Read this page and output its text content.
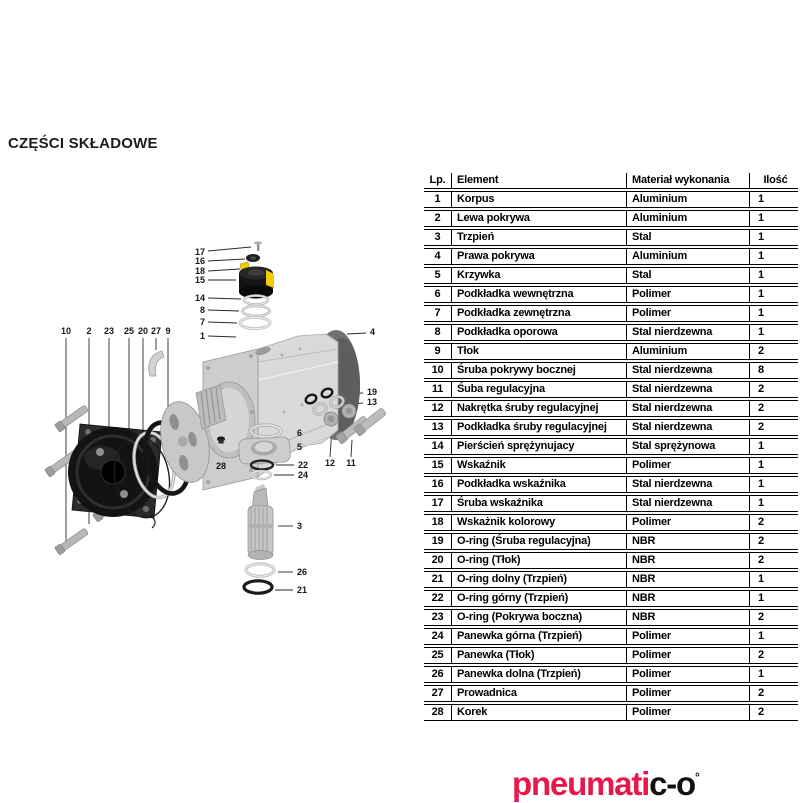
CZĘŚCI SKŁADOWE
17
16
18
15
14
8
7
1
10 2 23 25 20 27 9	4
19
13
6
5
22
24
3
26
21
28	12 11
Lp.	Element	Materiał wykonania	Ilość
1	Korpus	Aluminium	1
2	Lewa pokrywa	Aluminium	1
3	Trzpień	Stal	1
4	Prawa pokrywa	Aluminium	1
5	Krzywka	Stal	1
6	Podkładka wewnętrzna	Polimer	1
7	Podkładka zewnętrzna	Polimer	1
8	Podkładka oporowa	Stal nierdzewna	1
9	Tłok	Aluminium	2
10	Śruba pokrywy bocznej	Stal nierdzewna	8
11	Śuba regulacyjna	Stal nierdzewna	2
12	Nakrętka śruby regulacyjnej	Stal nierdzewna	2
13	Podkładka śruby regulacyjnej	Stal nierdzewna	2
14	Pierścień sprężynujacy	Stal sprężynowa	1
15	Wskaźnik	Polimer	1
16	Podkładka wskaźnika	Stal nierdzewna	1
17	Śruba wskaźnika	Stal nierdzewna	1
18	Wskażnik kolorowy	Polimer	2
19	O-ring (Śruba regulacyjna)	NBR	2
20	O-ring (Tłok)	NBR	2
21	O-ring dolny (Trzpień)	NBR	1
22	O-ring górny (Trzpień)	NBR	1
23	O-ring (Pokrywa boczna)	NBR	2
24	Panewka górna (Trzpień)	Polimer	1
25	Panewka (Tłok)	Polimer	2
26	Panewka dolna (Trzpień)	Polimer	1
27	Prowadnica	Polimer	2
28	Korek	Polimer	2
pneumatic-o°
